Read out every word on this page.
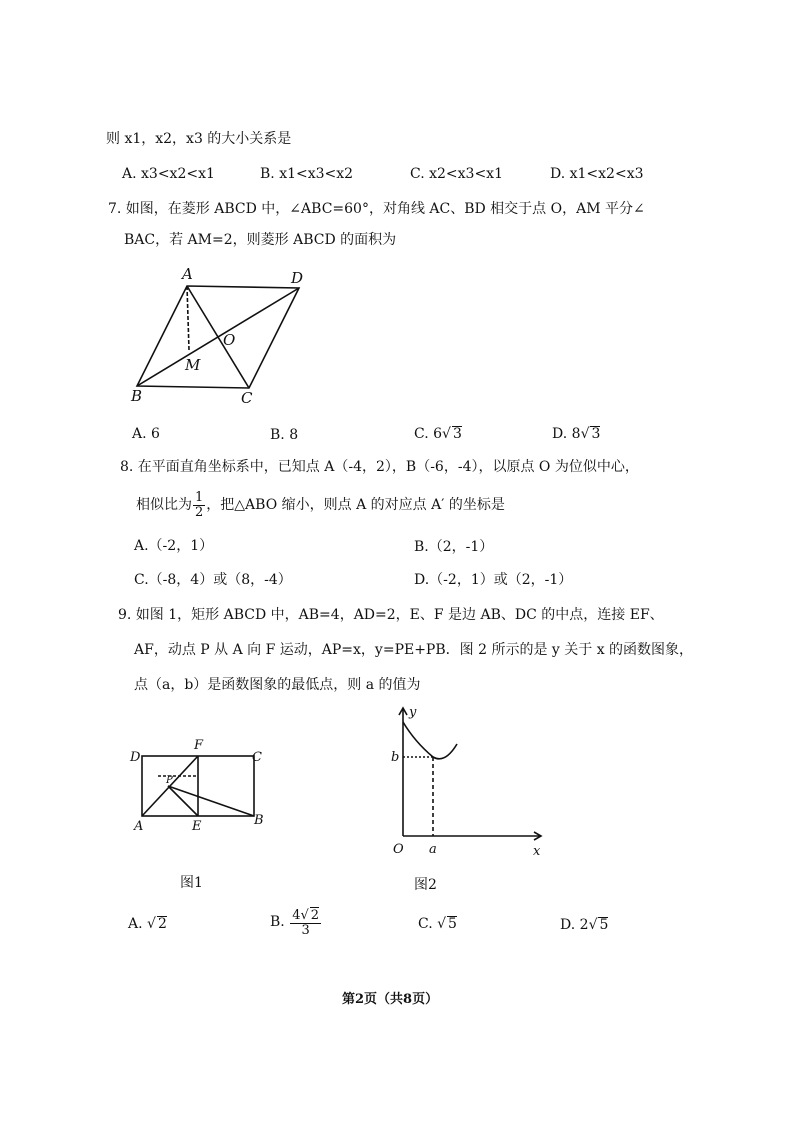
则 x1，x2，x3 的大小关系是
A. x3<x2<x1	B. x1<x3<x2	C. x2<x3<x1	D. x1<x2<x3
7. 如图，在菱形 ABCD 中，∠ABC=60°，对角线 AC、BD 相交于点 O，AM 平分∠
BAC，若 AM=2，则菱形 ABCD 的面积为
A	D
O
M
B	C
A. 6	B. 8	C. 6√ 3	D. 8√ 3
8. 在平面直角坐标系中，已知点 A（-4，2），B（-6，-4），以原点 O 为位似中心，
相似比为 $\frac{1}{2}$ ，把△ABO 缩小，则点 A 的对应点 A′ 的坐标是
A.（-2，1）	B.（2，-1）
C.（-8，4）或（8，-4）	D.（-2，1）或（2，-1）
9. 如图 1，矩形 ABCD 中，AB=4，AD=2，E、F 是边 AB、DC 的中点，连接 EF、
AF，动点 P 从 A 向 F 运动，AP=x，y=PE+PB．图 2 所示的是 y 关于 x 的函数图象，
点（a，b）是函数图象的最低点，则 a 的值为
D
F
C
P
A	E	B
y
b
O a	x
图1	图2
A. √ 2	B. $\frac{4√ 2}{3}$	C. √ 5	D. 2√ 5
第2页（共8页）
